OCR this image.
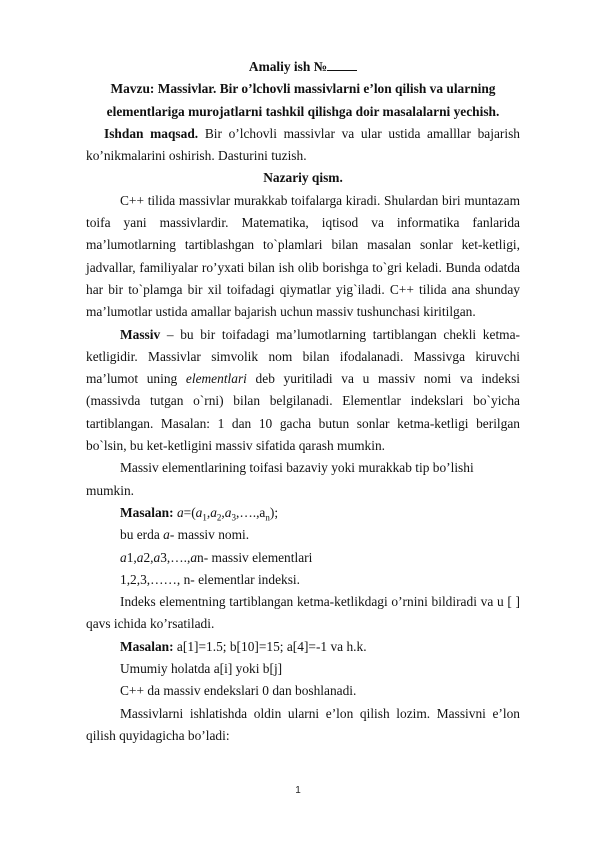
Amaliy ish №

Mavzu: Massivlar. Bir o’lchovli massivlarni e’lon qilish va ularning

elementlariga murojatlarni tashkil qilishga doir masalalarni yechish.

Ishdan maqsad. Bir o’lchovli massivlar va ular ustida amalllar bajarish ko’nikmalarini oshirish. Dasturini tuzish.

Nazariy qism.

C++ tilida massivlar murakkab toifalarga kiradi. Shulardan biri muntazam toifa yani massivlardir. Matematika, iqtisod va informatika fanlarida ma’lumotlarning tartiblashgan to`plamlari bilan masalan sonlar ket-ketligi, jadvallar, familiyalar ro’yxati bilan ish olib borishga to`gri keladi. Bunda odatda har bir to`plamga bir xil toifadagi qiymatlar yig`iladi. C++ tilida ana shunday ma’lumotlar ustida amallar bajarish uchun massiv tushunchasi kiritilgan.

Massiv – bu bir toifadagi ma’lumotlarning tartiblangan chekli ketma-ketligidir. Massivlar simvolik nom bilan ifodalanadi. Massivga kiruvchi ma’lumot uning elementlari deb yuritiladi va u massiv nomi va indeksi (massivda tutgan o`rni) bilan belgilanadi. Elementlar indekslari bo`yicha tartiblangan. Masalan: 1 dan 10 gacha butun sonlar ketma-ketligi berilgan bo`lsin, bu ket-ketligini massiv sifatida qarash mumkin.

Massiv elementlarining toifasi bazaviy yoki murakkab tip bo’lishi mumkin.

Masalan: $a=(a_1,a_2,a_3,\dots.,a_n)$;

bu erda a- massiv nomi.

a1,a2,a3,….,an- massiv elementlari

1,2,3,……, n- elementlar indeksi.

Indeks elementning tartiblangan ketma-ketlikdagi o’rnini bildiradi va u [ ] qavs ichida ko’rsatiladi.

Masalan: a[1]=1.5; b[10]=15; a[4]=-1 va h.k.

Umumiy holatda a[i] yoki b[j]

C++ da massiv endekslari 0 dan boshlanadi.

Massivlarni ishlatishda oldin ularni e’lon qilish lozim. Massivni e’lon qilish quyidagicha bo’ladi:

1
